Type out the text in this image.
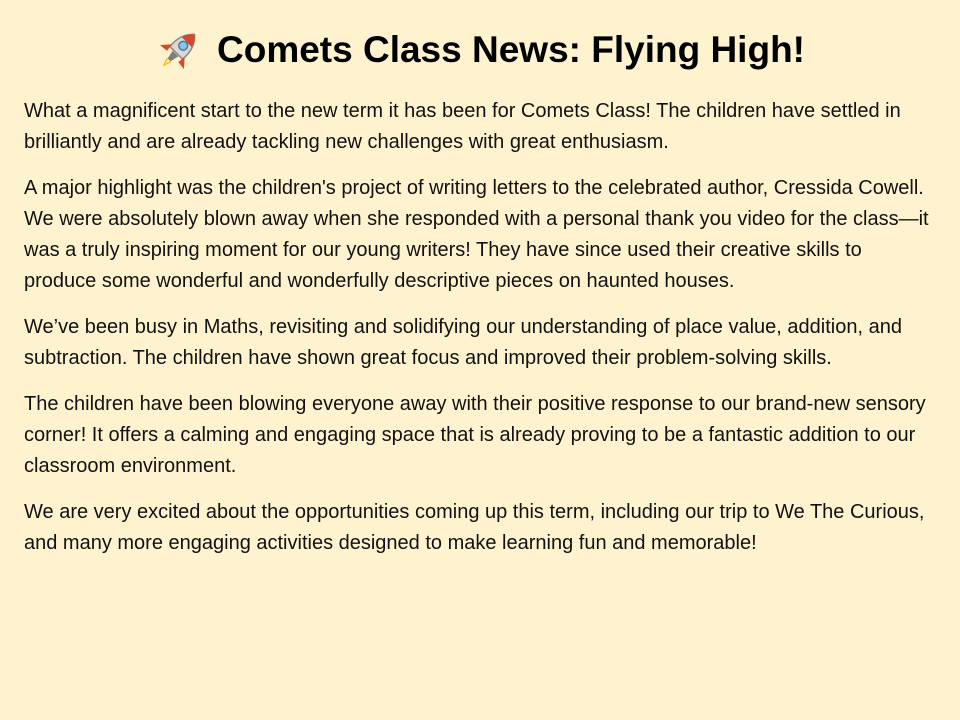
Comets Class News: Flying High!

What a magnificent start to the new term it has been for Comets Class! The children have settled in brilliantly and are already tackling new challenges with great enthusiasm.

A major highlight was the children's project of writing letters to the celebrated author, Cressida Cowell. We were absolutely blown away when she responded with a personal thank you video for the class—it was a truly inspiring moment for our young writers! They have since used their creative skills to produce some wonderful and wonderfully descriptive pieces on haunted houses.

We’ve been busy in Maths, revisiting and solidifying our understanding of place value, addition, and subtraction. The children have shown great focus and improved their problem-solving skills.

The children have been blowing everyone away with their positive response to our brand-new sensory corner! It offers a calming and engaging space that is already proving to be a fantastic addition to our classroom environment.

We are very excited about the opportunities coming up this term, including our trip to We The Curious, and many more engaging activities designed to make learning fun and memorable!
